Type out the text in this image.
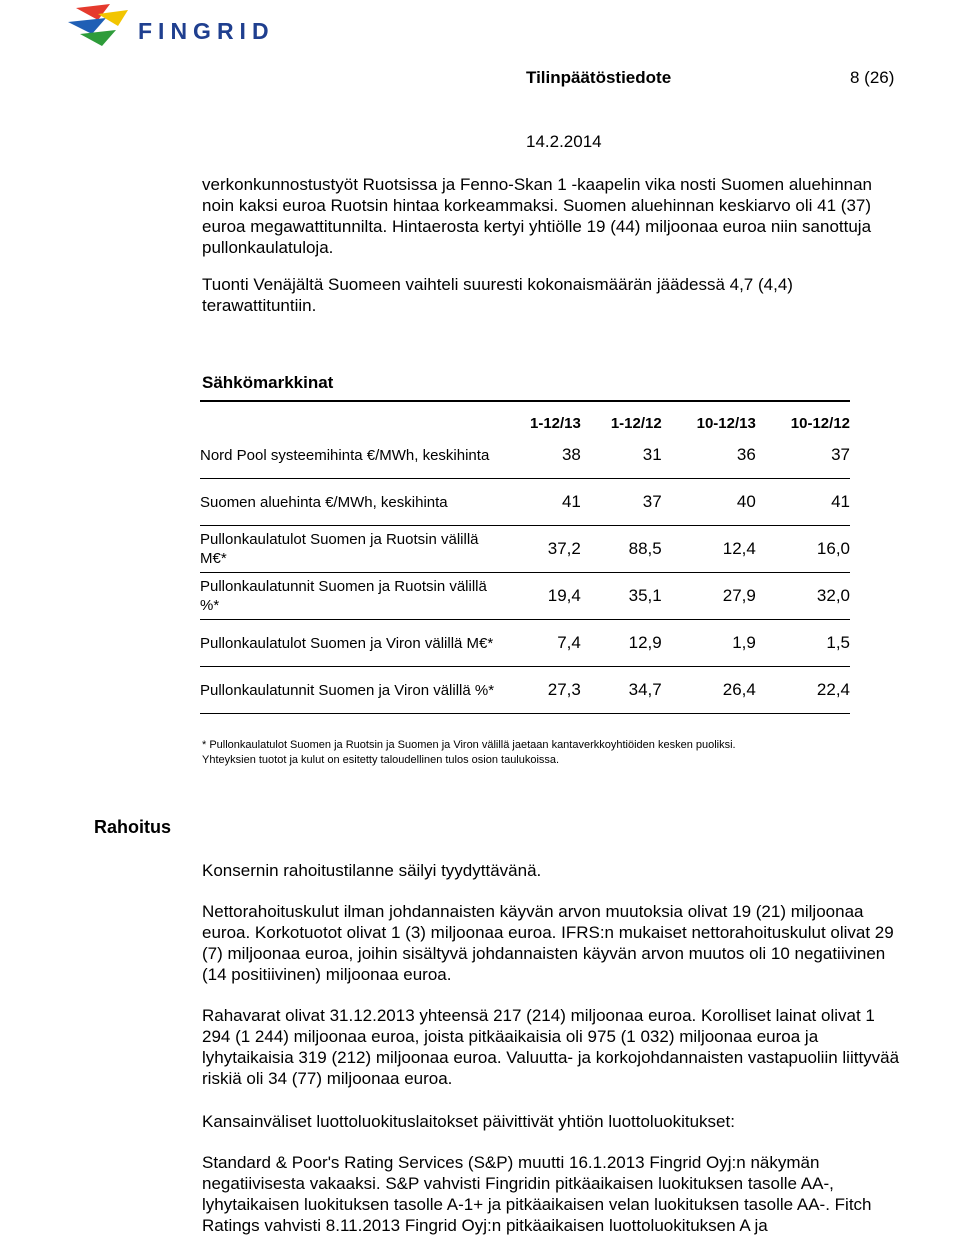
FINGRID
Tilinpäätöstiedote	8 (26)
14.2.2014
verkonkunnostustyöt Ruotsissa ja Fenno-Skan 1 -kaapelin vika nosti Suomen aluehinnan noin kaksi euroa Ruotsin hintaa korkeammaksi. Suomen aluehinnan keskiarvo oli 41 (37) euroa megawattitunnilta. Hintaerosta kertyi yhtiölle 19 (44) miljoonaa euroa niin sanottuja pullonkaulatuloja.
Tuonti Venäjältä Suomeen vaihteli suuresti kokonaismäärän jäädessä 4,7 (4,4) terawattituntiin.
Sähkömarkkinat
	1-12/13	1-12/12	10-12/13	10-12/12
Nord Pool systeemihinta €/MWh, keskihinta	38	31	36	37
Suomen aluehinta €/MWh, keskihinta	41	37	40	41
Pullonkaulatulot Suomen ja Ruotsin välillä M€*	37,2	88,5	12,4	16,0
Pullonkaulatunnit Suomen ja Ruotsin välillä %*	19,4	35,1	27,9	32,0
Pullonkaulatulot Suomen ja Viron välillä M€*	7,4	12,9	1,9	1,5
Pullonkaulatunnit Suomen ja Viron välillä %*	27,3	34,7	26,4	22,4
* Pullonkaulatulot Suomen ja Ruotsin ja Suomen ja Viron välillä jaetaan kantaverkkoyhtiöiden kesken puoliksi.
Yhteyksien tuotot ja kulut on esitetty taloudellinen tulos osion taulukoissa.
Rahoitus
Konsernin rahoitustilanne säilyi tyydyttävänä.
Nettorahoituskulut ilman johdannaisten käyvän arvon muutoksia olivat 19 (21) miljoonaa euroa. Korkotuotot olivat 1 (3) miljoonaa euroa. IFRS:n mukaiset nettorahoituskulut olivat 29 (7) miljoonaa euroa, joihin sisältyvä johdannaisten käyvän arvon muutos oli 10 negatiivinen (14 positiivinen) miljoonaa euroa.
Rahavarat olivat 31.12.2013 yhteensä 217 (214) miljoonaa euroa. Korolliset lainat olivat 1 294 (1 244) miljoonaa euroa, joista pitkäaikaisia oli 975 (1 032) miljoonaa euroa ja lyhytaikaisia 319 (212) miljoonaa euroa. Valuutta- ja korkojohdannaisten vastapuoliin liittyvää riskiä oli 34 (77) miljoonaa euroa.
Kansainväliset luottoluokituslaitokset päivittivät yhtiön luottoluokitukset:
Standard & Poor's Rating Services (S&P) muutti 16.1.2013 Fingrid Oyj:n näkymän negatiivisesta vakaaksi. S&P vahvisti Fingridin pitkäaikaisen luokituksen tasolle AA-, lyhytaikaisen luokituksen tasolle A-1+ ja pitkäaikaisen velan luokituksen tasolle AA-. Fitch Ratings vahvisti 8.11.2013 Fingrid Oyj:n pitkäaikaisen luottoluokituksen A ja
